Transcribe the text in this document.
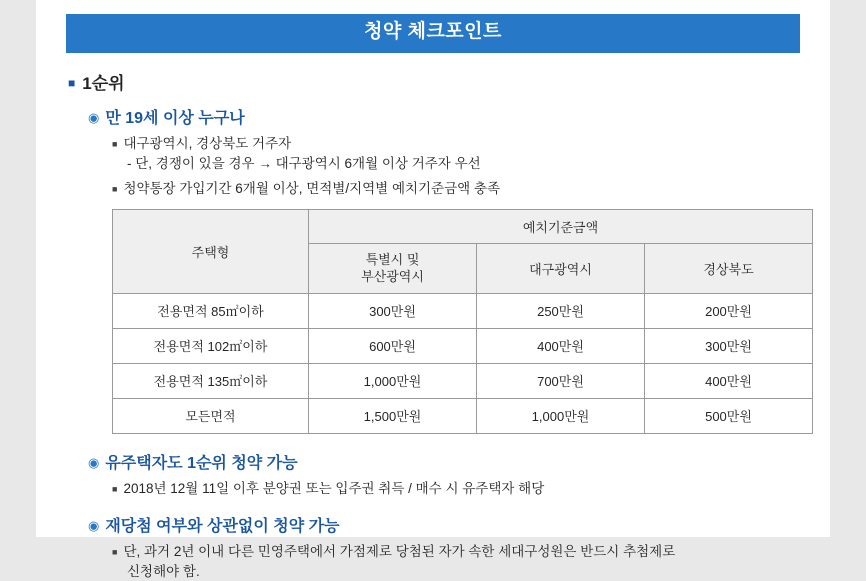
청약 체크포인트
■ 1순위
◉ 만 19세 이상 누구나
■ 대구광역시, 경상북도 거주자
- 단, 경쟁이 있을 경우 → 대구광역시 6개월 이상 거주자 우선
■ 청약통장 가입기간 6개월 이상, 면적별/지역별 예치기준금액 충족
주택형	예치기준금액		
	특별시 및
부산광역시	대구광역시	경상북도
전용면적 85㎡이하	300만원	250만원	200만원
전용면적 102㎡이하	600만원	400만원	300만원
전용면적 135㎡이하	1,000만원	700만원	400만원
모든면적	1,500만원	1,000만원	500만원
◉ 유주택자도 1순위 청약 가능
■ 2018년 12월 11일 이후 분양권 또는 입주권 취득 / 매수 시 유주택자 해당
◉ 재당첨 여부와 상관없이 청약 가능
■ 단, 과거 2년 이내 다른 민영주택에서 가점제로 당첨된 자가 속한 세대구성원은 반드시 추첨제로
신청해야 함.
